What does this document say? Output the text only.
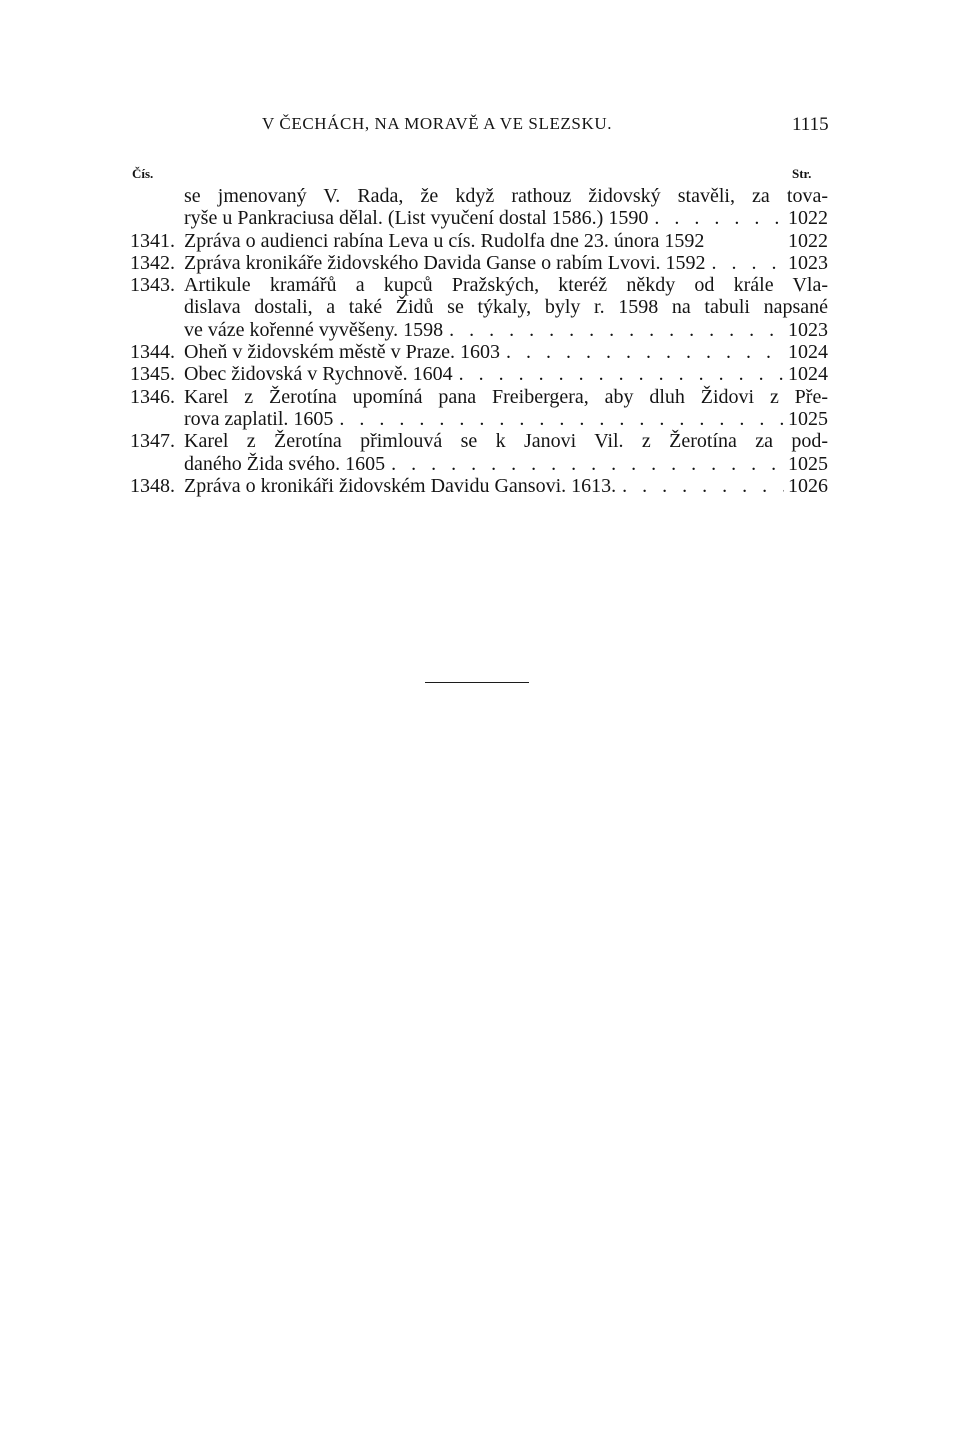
V ČECHÁCH, NA MORAVĚ A VE SLEZSKU.	1115
Čís.	Str.
se jmenovaný V. Rada, že když rathouz židovský stavěli, za tova-
ryše u Pankraciusa dělal. (List vyučení dostal 1586.) 1590 . . .	1022
1341. Zpráva o audienci rabína Leva u cís. Rudolfa dne 23. února 1592	1022
1342. Zpráva kronikáře židovského Davida Ganse o rabím Lvovi. 1592 . . .	1023
1343. Artikule kramářů a kupců Pražských, kteréž někdy od krále Vla-
dislava dostali, a také Židů se týkaly, byly r. 1598 na tabuli napsané
ve váze kořenné vyvěšeny. 1598 . . .	1023
1344. Oheň v židovském městě v Praze. 1603 . . .	1024
1345. Obec židovská v Rychnově. 1604 . . .	1024
1346. Karel z Žerotína upomíná pana Freibergera, aby dluh Židovi z Pře-
rova zaplatil. 1605 . . .	1025
1347. Karel z Žerotína přimlouvá se k Janovi Vil. z Žerotína za pod-
daného Žida svého. 1605 . . .	1025
1348. Zpráva o kronikáři židovském Davidu Gansovi. 1613. . . .	1026
